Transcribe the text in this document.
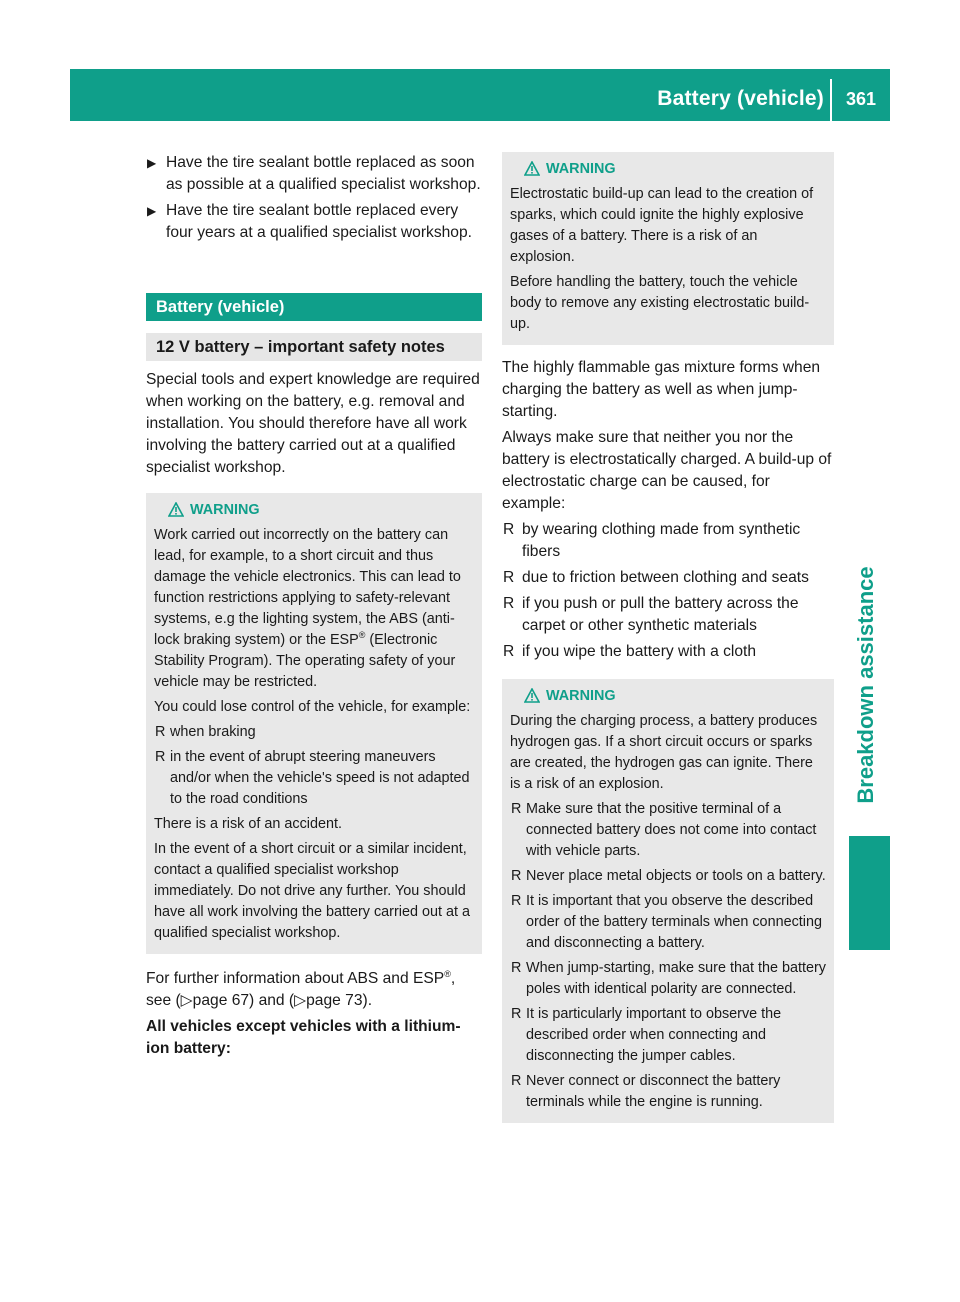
Battery (vehicle)	361
Breakdown assistance
▶ Have the tire sealant bottle replaced as soon as possible at a qualified specialist workshop.
▶ Have the tire sealant bottle replaced every four years at a qualified specialist workshop.
Battery (vehicle)
12 V battery – important safety notes

Special tools and expert knowledge are required when working on the battery, e.g. removal and installation. You should therefore have all work involving the battery carried out at a qualified specialist workshop.

WARNING

Work carried out incorrectly on the battery can lead, for example, to a short circuit and thus damage the vehicle electronics. This can lead to function restrictions applying to safety-relevant systems, e.g the lighting system, the ABS (anti-lock braking system) or the ESP® (Electronic Stability Program). The operating safety of your vehicle may be restricted.

You could lose control of the vehicle, for example:

R when braking
R in the event of abrupt steering maneuvers and/or when the vehicle's speed is not adapted to the road conditions

There is a risk of an accident.

In the event of a short circuit or a similar incident, contact a qualified specialist workshop immediately. Do not drive any further. You should have all work involving the battery carried out at a qualified specialist workshop.

For further information about ABS and ESP®, see (▷page 67) and (▷page 73).

All vehicles except vehicles with a lithium-ion battery:

WARNING

Electrostatic build-up can lead to the creation of sparks, which could ignite the highly explosive gases of a battery. There is a risk of an explosion.

Before handling the battery, touch the vehicle body to remove any existing electrostatic build-up.

The highly flammable gas mixture forms when charging the battery as well as when jump-starting.

Always make sure that neither you nor the battery is electrostatically charged. A build-up of electrostatic charge can be caused, for example:

R by wearing clothing made from synthetic fibers
R due to friction between clothing and seats
R if you push or pull the battery across the carpet or other synthetic materials
R if you wipe the battery with a cloth
WARNING

During the charging process, a battery produces hydrogen gas. If a short circuit occurs or sparks are created, the hydrogen gas can ignite. There is a risk of an explosion.

R Make sure that the positive terminal of a connected battery does not come into contact with vehicle parts.
R Never place metal objects or tools on a battery.
R It is important that you observe the described order of the battery terminals when connecting and disconnecting a battery.
R When jump-starting, make sure that the battery poles with identical polarity are connected.
R It is particularly important to observe the described order when connecting and disconnecting the jumper cables.
R Never connect or disconnect the battery terminals while the engine is running.
